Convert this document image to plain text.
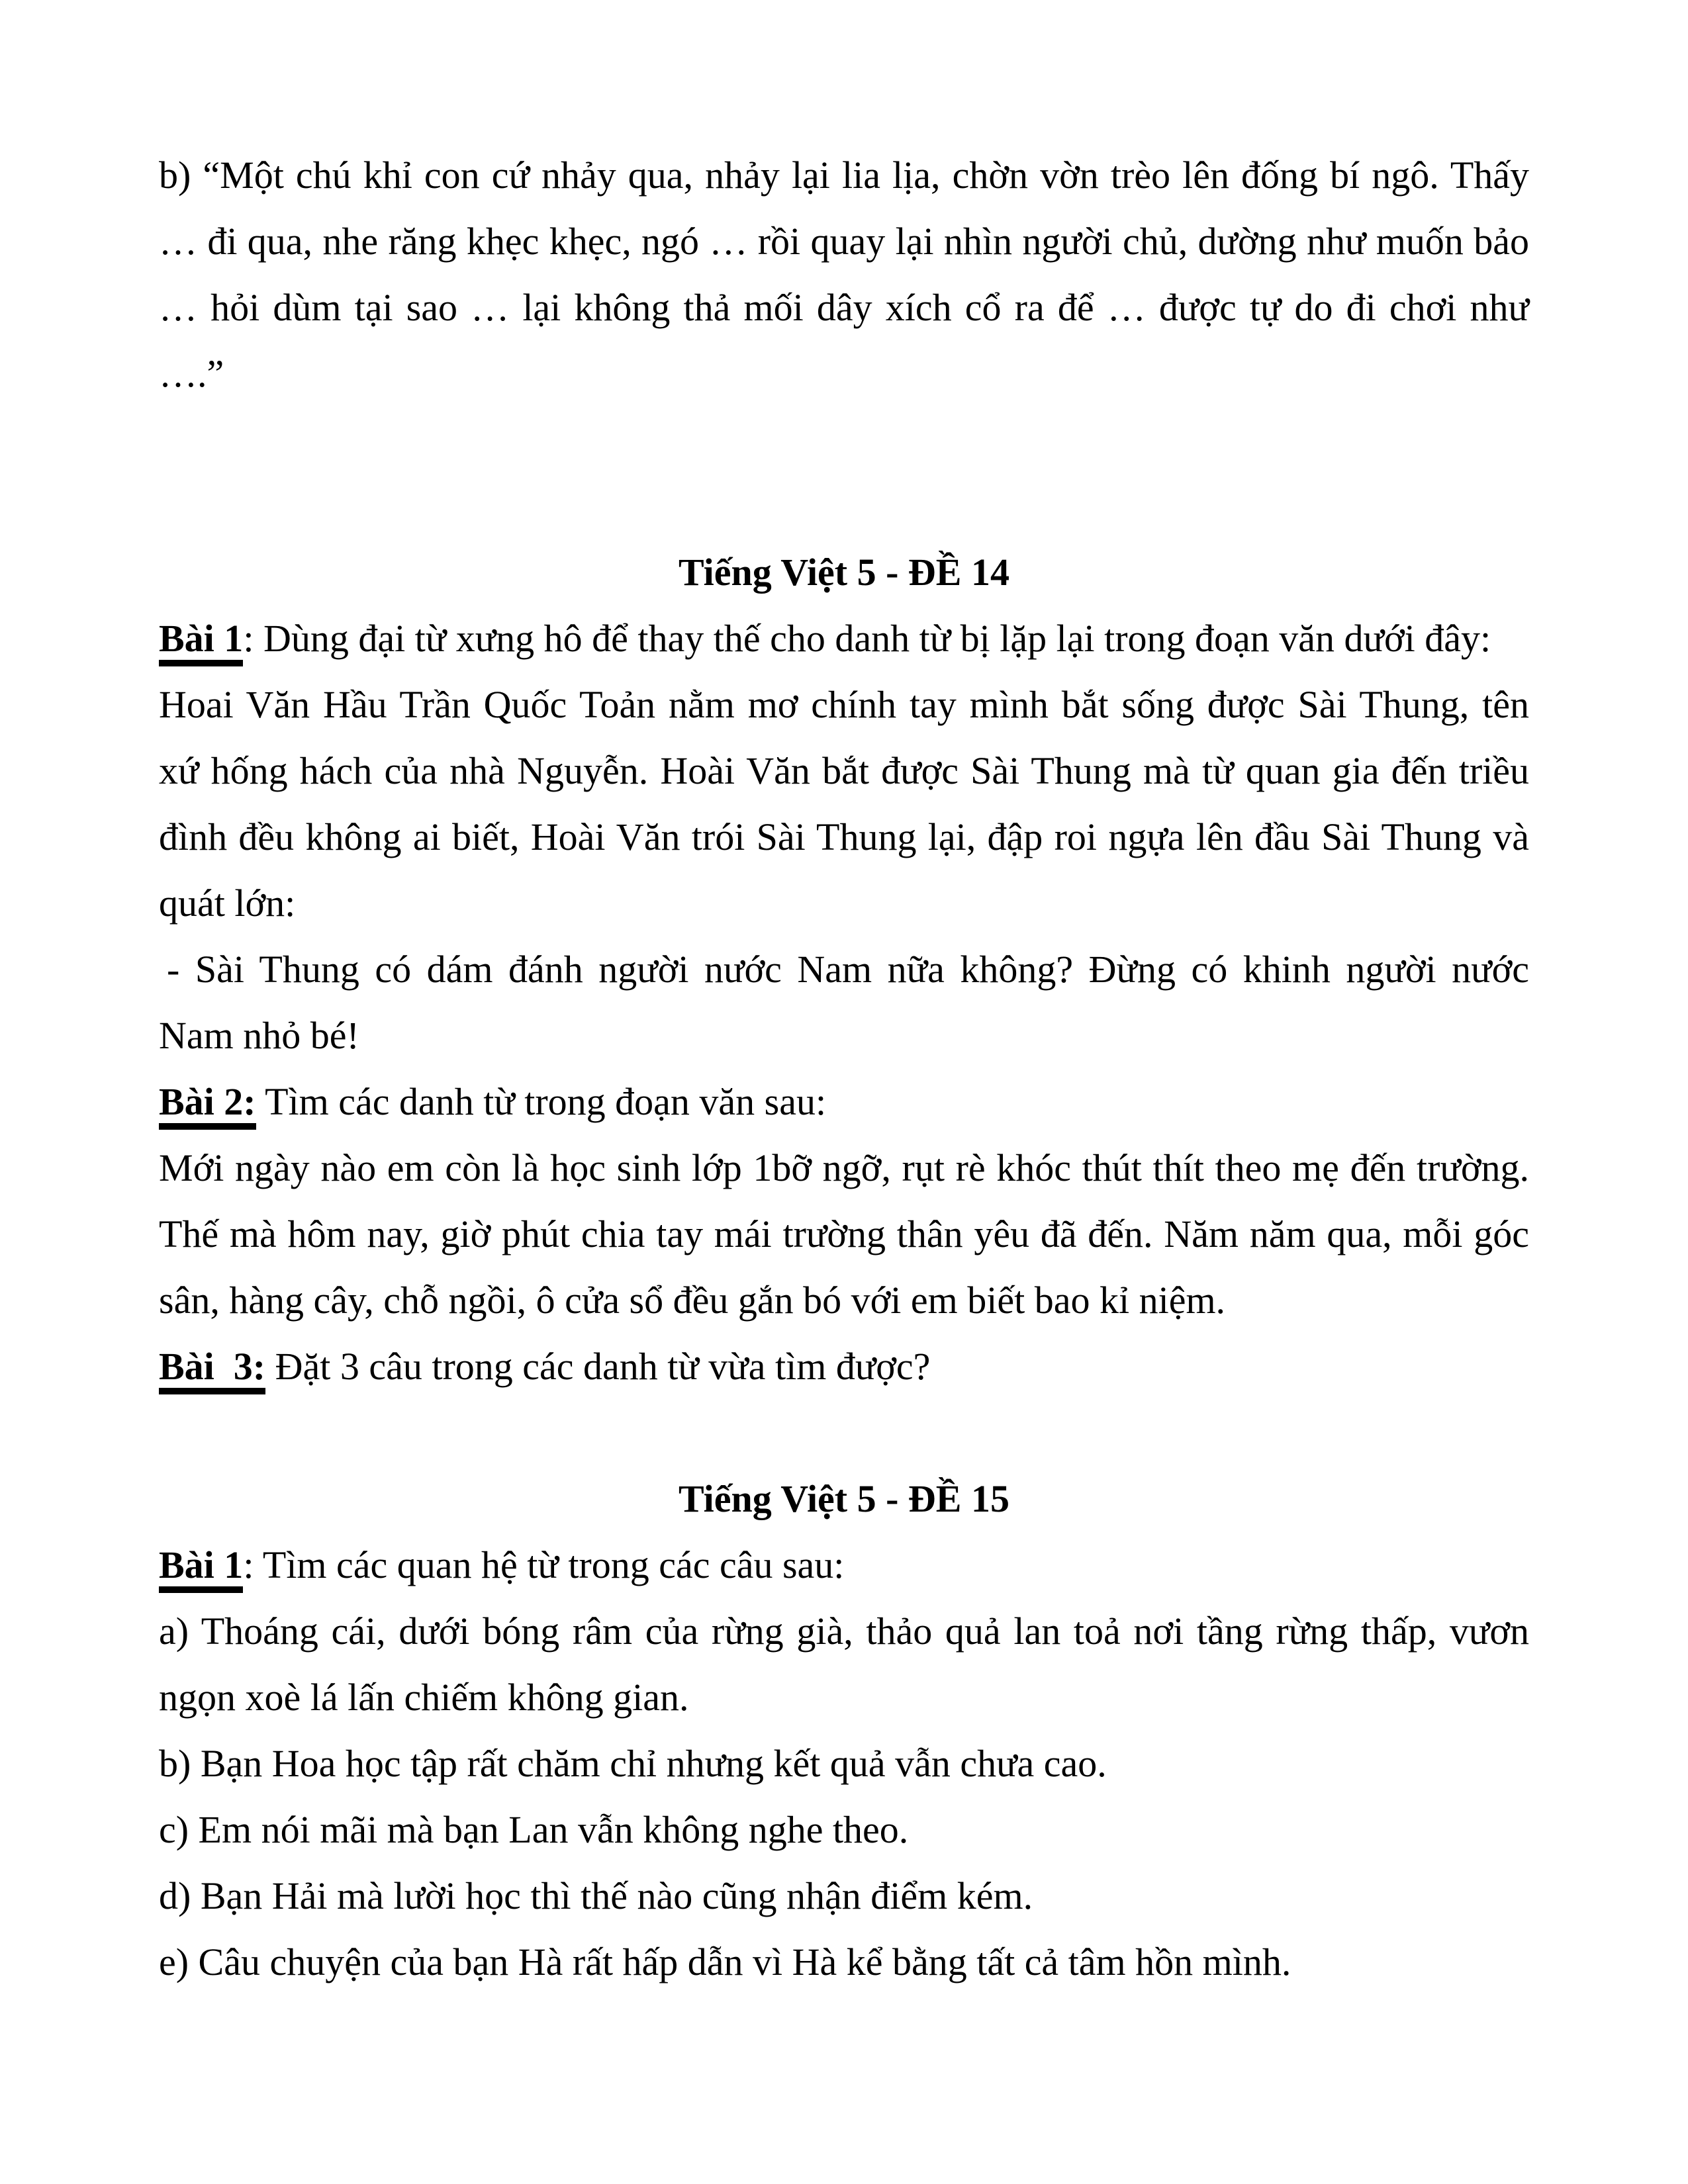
b) “Một chú khỉ con cứ nhảy qua, nhảy lại lia lịa, chờn vờn trèo lên đống bí ngô. Thấy
… đi qua, nhe răng khẹc khẹc, ngó … rồi quay lại nhìn người chủ, dường như muốn bảo
… hỏi dùm tại sao … lại không thả mối dây xích cổ ra để … được tự do đi chơi như
….”
Tiếng Việt 5 - ĐỀ 14
Bài 1: Dùng đại từ xưng hô để thay thế cho danh từ bị lặp lại trong đoạn văn dưới đây:
Hoai Văn Hầu Trần Quốc Toản nằm mơ chính tay mình bắt sống được Sài Thung, tên
xứ hống hách của nhà Nguyễn. Hoài Văn bắt được Sài Thung mà từ quan gia đến triều
đình đều không ai biết, Hoài Văn trói Sài Thung lại, đập roi ngựa lên đầu Sài Thung và
quát lớn:
- Sài Thung có dám đánh người nước Nam nữa không? Đừng có khinh người nước
Nam nhỏ bé!
Bài 2: Tìm các danh từ trong đoạn văn sau:
Mới ngày nào em còn là học sinh lớp 1bỡ ngỡ, rụt rè khóc thút thít theo mẹ đến trường.
Thế mà hôm nay, giờ phút chia tay mái trường thân yêu đã đến. Năm năm qua, mỗi góc
sân, hàng cây, chỗ ngồi, ô cửa sổ đều gắn bó với em biết bao kỉ niệm.
Bài  3: Đặt 3 câu trong các danh từ vừa tìm được?
Tiếng Việt 5 - ĐỀ 15
Bài 1: Tìm các quan hệ từ trong các câu sau:
a) Thoáng cái, dưới bóng râm của rừng già, thảo quả lan toả nơi tầng rừng thấp, vươn
ngọn xoè lá lấn chiếm không gian.
b) Bạn Hoa học tập rất chăm chỉ nhưng kết quả vẫn chưa cao.
c) Em nói mãi mà bạn Lan vẫn không nghe theo.
d) Bạn Hải mà lười học thì thế nào cũng nhận điểm kém.
e) Câu chuyện của bạn Hà rất hấp dẫn vì Hà kể bằng tất cả tâm hồn mình.
